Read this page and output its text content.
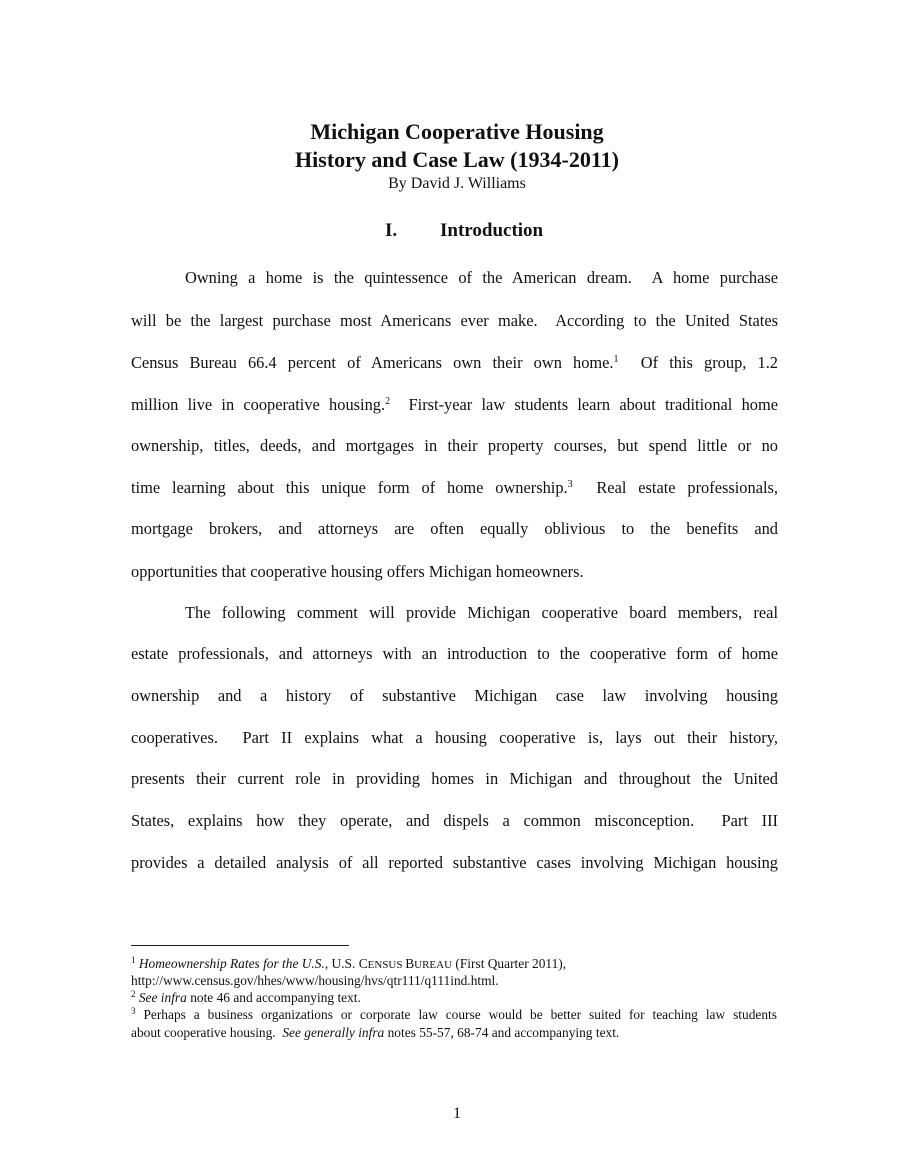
Michigan Cooperative Housing
History and Case Law (1934-2011)
By David J. Williams
I. Introduction
Owning a home is the quintessence of the American dream.  A home purchase
will be the largest purchase most Americans ever make.  According to the United States
Census Bureau 66.4 percent of Americans own their own home.$^1$  Of this group, 1.2
million live in cooperative housing.$^2$  First-year law students learn about traditional home
ownership, titles, deeds, and mortgages in their property courses, but spend little or no
time learning about this unique form of home ownership.$^3$  Real estate professionals,
mortgage brokers, and attorneys are often equally oblivious to the benefits and
opportunities that cooperative housing offers Michigan homeowners.
The following comment will provide Michigan cooperative board members, real
estate professionals, and attorneys with an introduction to the cooperative form of home
ownership and a history of substantive Michigan case law involving housing
cooperatives.  Part II explains what a housing cooperative is, lays out their history,
presents their current role in providing homes in Michigan and throughout the United
States, explains how they operate, and dispels a common misconception.  Part III
provides a detailed analysis of all reported substantive cases involving Michigan housing
$^1$ Homeownership Rates for the U.S., U.S. CENSUS BUREAU (First Quarter 2011),
http://www.census.gov/hhes/www/housing/hvs/qtr111/q111ind.html.
$^2$ See infra note 46 and accompanying text.
$^3$ Perhaps a business organizations or corporate law course would be better suited for teaching law students
about cooperative housing.  See generally infra notes 55-57, 68-74 and accompanying text.
1
